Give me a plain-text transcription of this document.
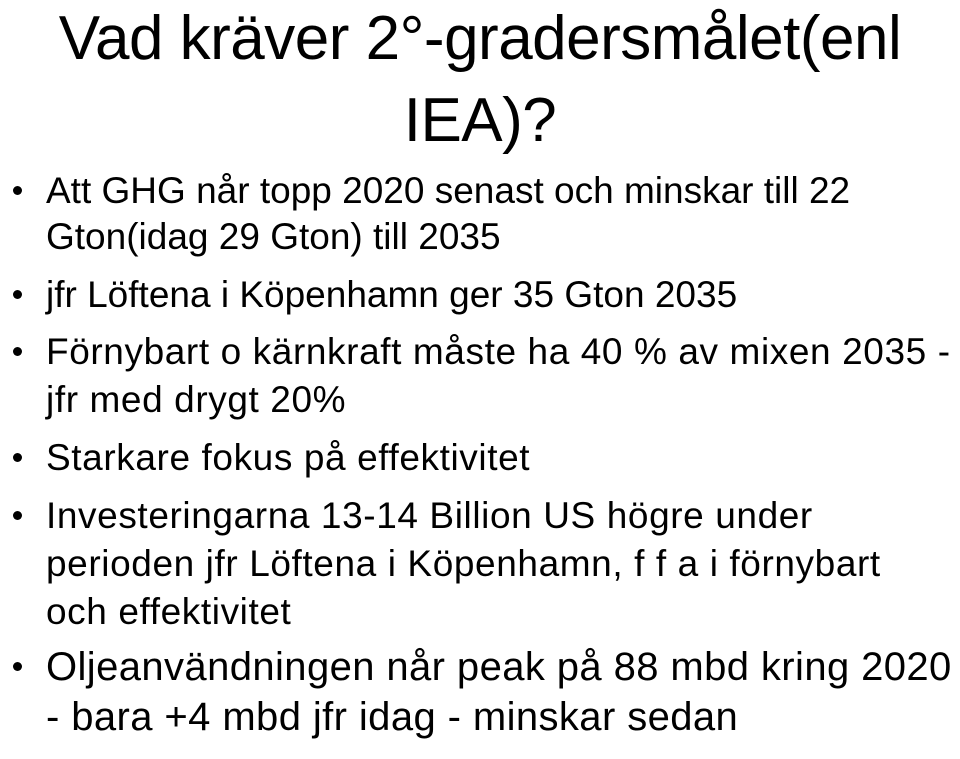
Vad kräver 2°-gradersmålet(enl IEA)?
Att GHG når topp 2020 senast och minskar till 22 Gton(idag 29 Gton) till 2035
jfr Löftena i Köpenhamn ger 35 Gton 2035
Förnybart o kärnkraft måste ha 40 % av mixen 2035 - jfr med drygt 20%
Starkare fokus på effektivitet
Investeringarna 13-14 Billion US högre under perioden jfr Löftena i Köpenhamn, f f a i förnybart och effektivitet
Oljeanvändningen når peak på 88 mbd kring 2020 - bara +4 mbd jfr idag - minskar sedan
